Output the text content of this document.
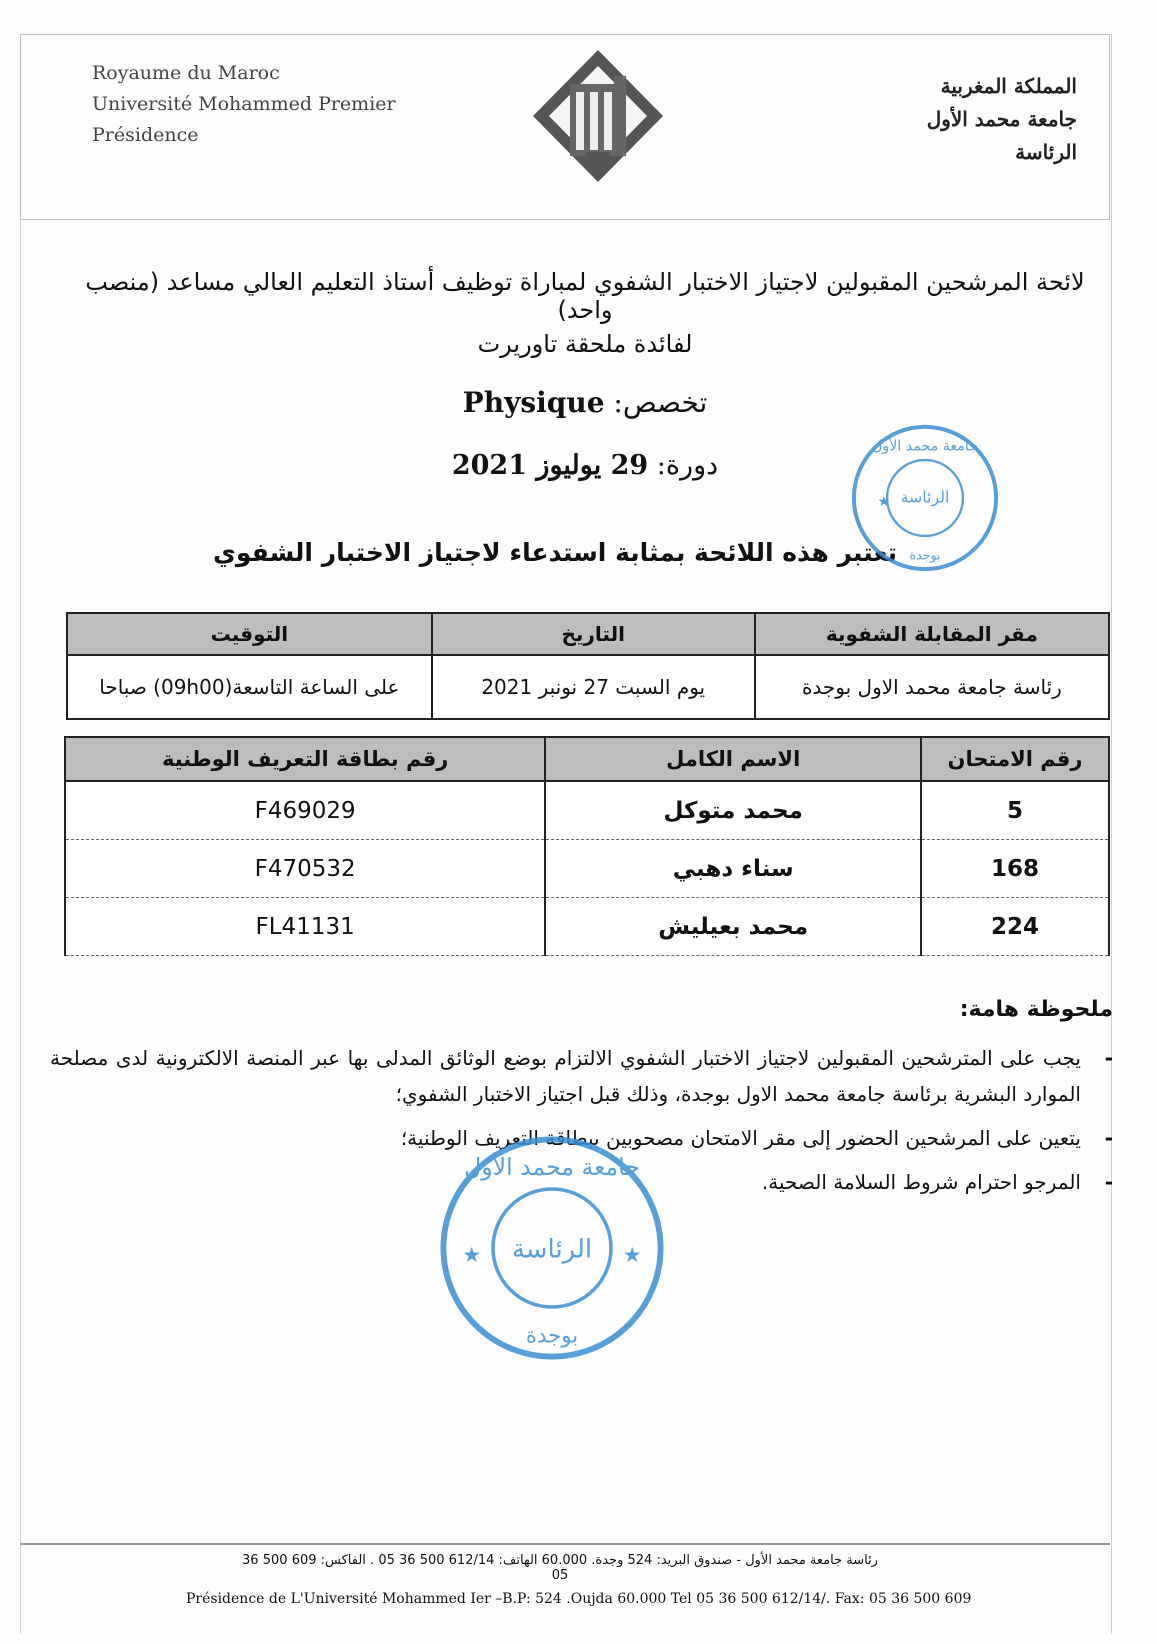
Royaume du Maroc
Université Mohammed Premier
Présidence
المملكة المغربية
جامعة محمد الأول
الرئاسة
لائحة المرشحين المقبولين لاجتياز الاختبار الشفوي لمباراة توظيف أستاذ التعليم العالي مساعد (منصب واحد)
لفائدة ملحقة تاوريرت
تخصص: Physique
دورة: 29 يوليوز 2021
تعتبر هذه اللائحة بمثابة استدعاء لاجتياز الاختبار الشفوي
مقر المقابلة الشفوية	التاريخ	التوقيت
رئاسة جامعة محمد الاول بوجدة	يوم السبت 27 نونبر 2021	على الساعة التاسعة(09h00) صباحا
رقم الامتحان	الاسم الكامل	رقم بطاقة التعريف الوطنية
5	محمد متوكل	F469029
168	سناء دهبي	F470532
224	محمد بعيليش	FL41131
ملحوظة هامة:
-
يجب على المترشحين المقبولين لاجتياز الاختبار الشفوي الالتزام بوضع الوثائق المدلى بها عبر المنصة الالكترونية لدى مصلحة الموارد البشرية برئاسة جامعة محمد الاول بوجدة، وذلك قبل اجتياز الاختبار الشفوي؛
-
يتعين على المرشحين الحضور إلى مقر الامتحان مصحوبين ببطاقة التعريف الوطنية؛
-
المرجو احترام شروط السلامة الصحية.
الرئاسة
★
جامعة محمد الأول
بوجدة
الرئاسة
★	★
جامعة محمد الأول
بوجدة
رئاسة جامعة محمد الأول - صندوق البريد: 524 وجدة. 60.000 الهاتف: 612/14 500 36 05 . الفاكس: 609 500 36 05
Présidence de L'Université Mohammed Ier –B.P: 524 .Oujda 60.000 Tel 05 36 500 612/14/. Fax: 05 36 500 609
